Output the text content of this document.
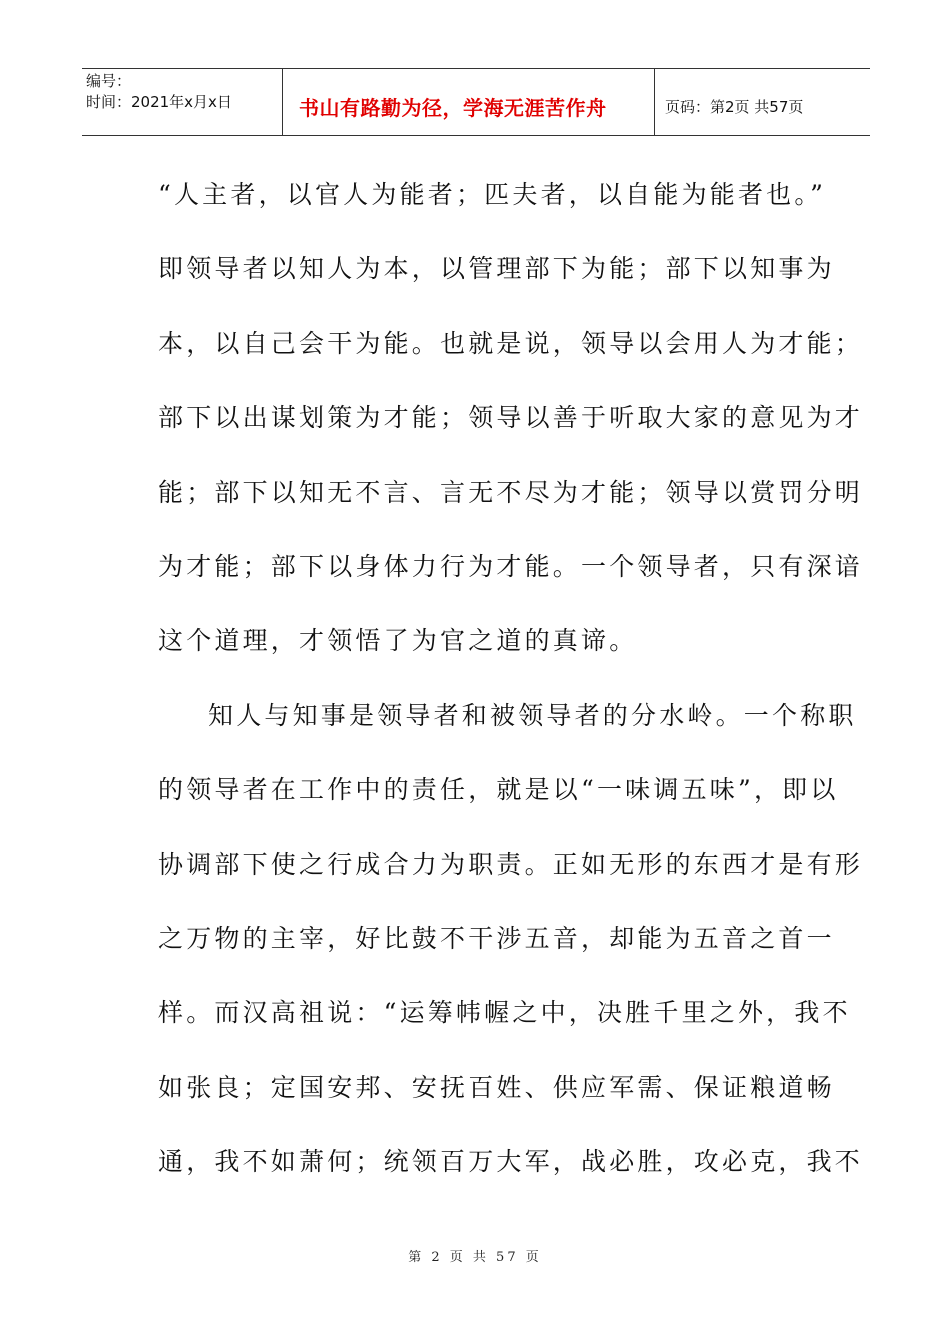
编号：
时间：2021年x月x日	书山有路勤为径，学海无涯苦作舟	页码：第2页 共57页
“人主者，以官人为能者；匹夫者，以自能为能者也。”
即领导者以知人为本，以管理部下为能；部下以知事为
本，以自己会干为能。也就是说，领导以会用人为才能；
部下以出谋划策为才能；领导以善于听取大家的意见为才
能；部下以知无不言、言无不尽为才能；领导以赏罚分明
为才能；部下以身体力行为才能。一个领导者，只有深谙
这个道理，才领悟了为官之道的真谛。
知人与知事是领导者和被领导者的分水岭。一个称职
的领导者在工作中的责任，就是以“一味调五味”，即以
协调部下使之行成合力为职责。正如无形的东西才是有形
之万物的主宰，好比鼓不干涉五音，却能为五音之首一
样。而汉高祖说：“运筹帏幄之中，决胜千里之外，我不
如张良；定国安邦、安抚百姓、供应军需、保证粮道畅
通，我不如萧何；统领百万大军，战必胜，攻必克，我不
第 2 页 共 57 页
